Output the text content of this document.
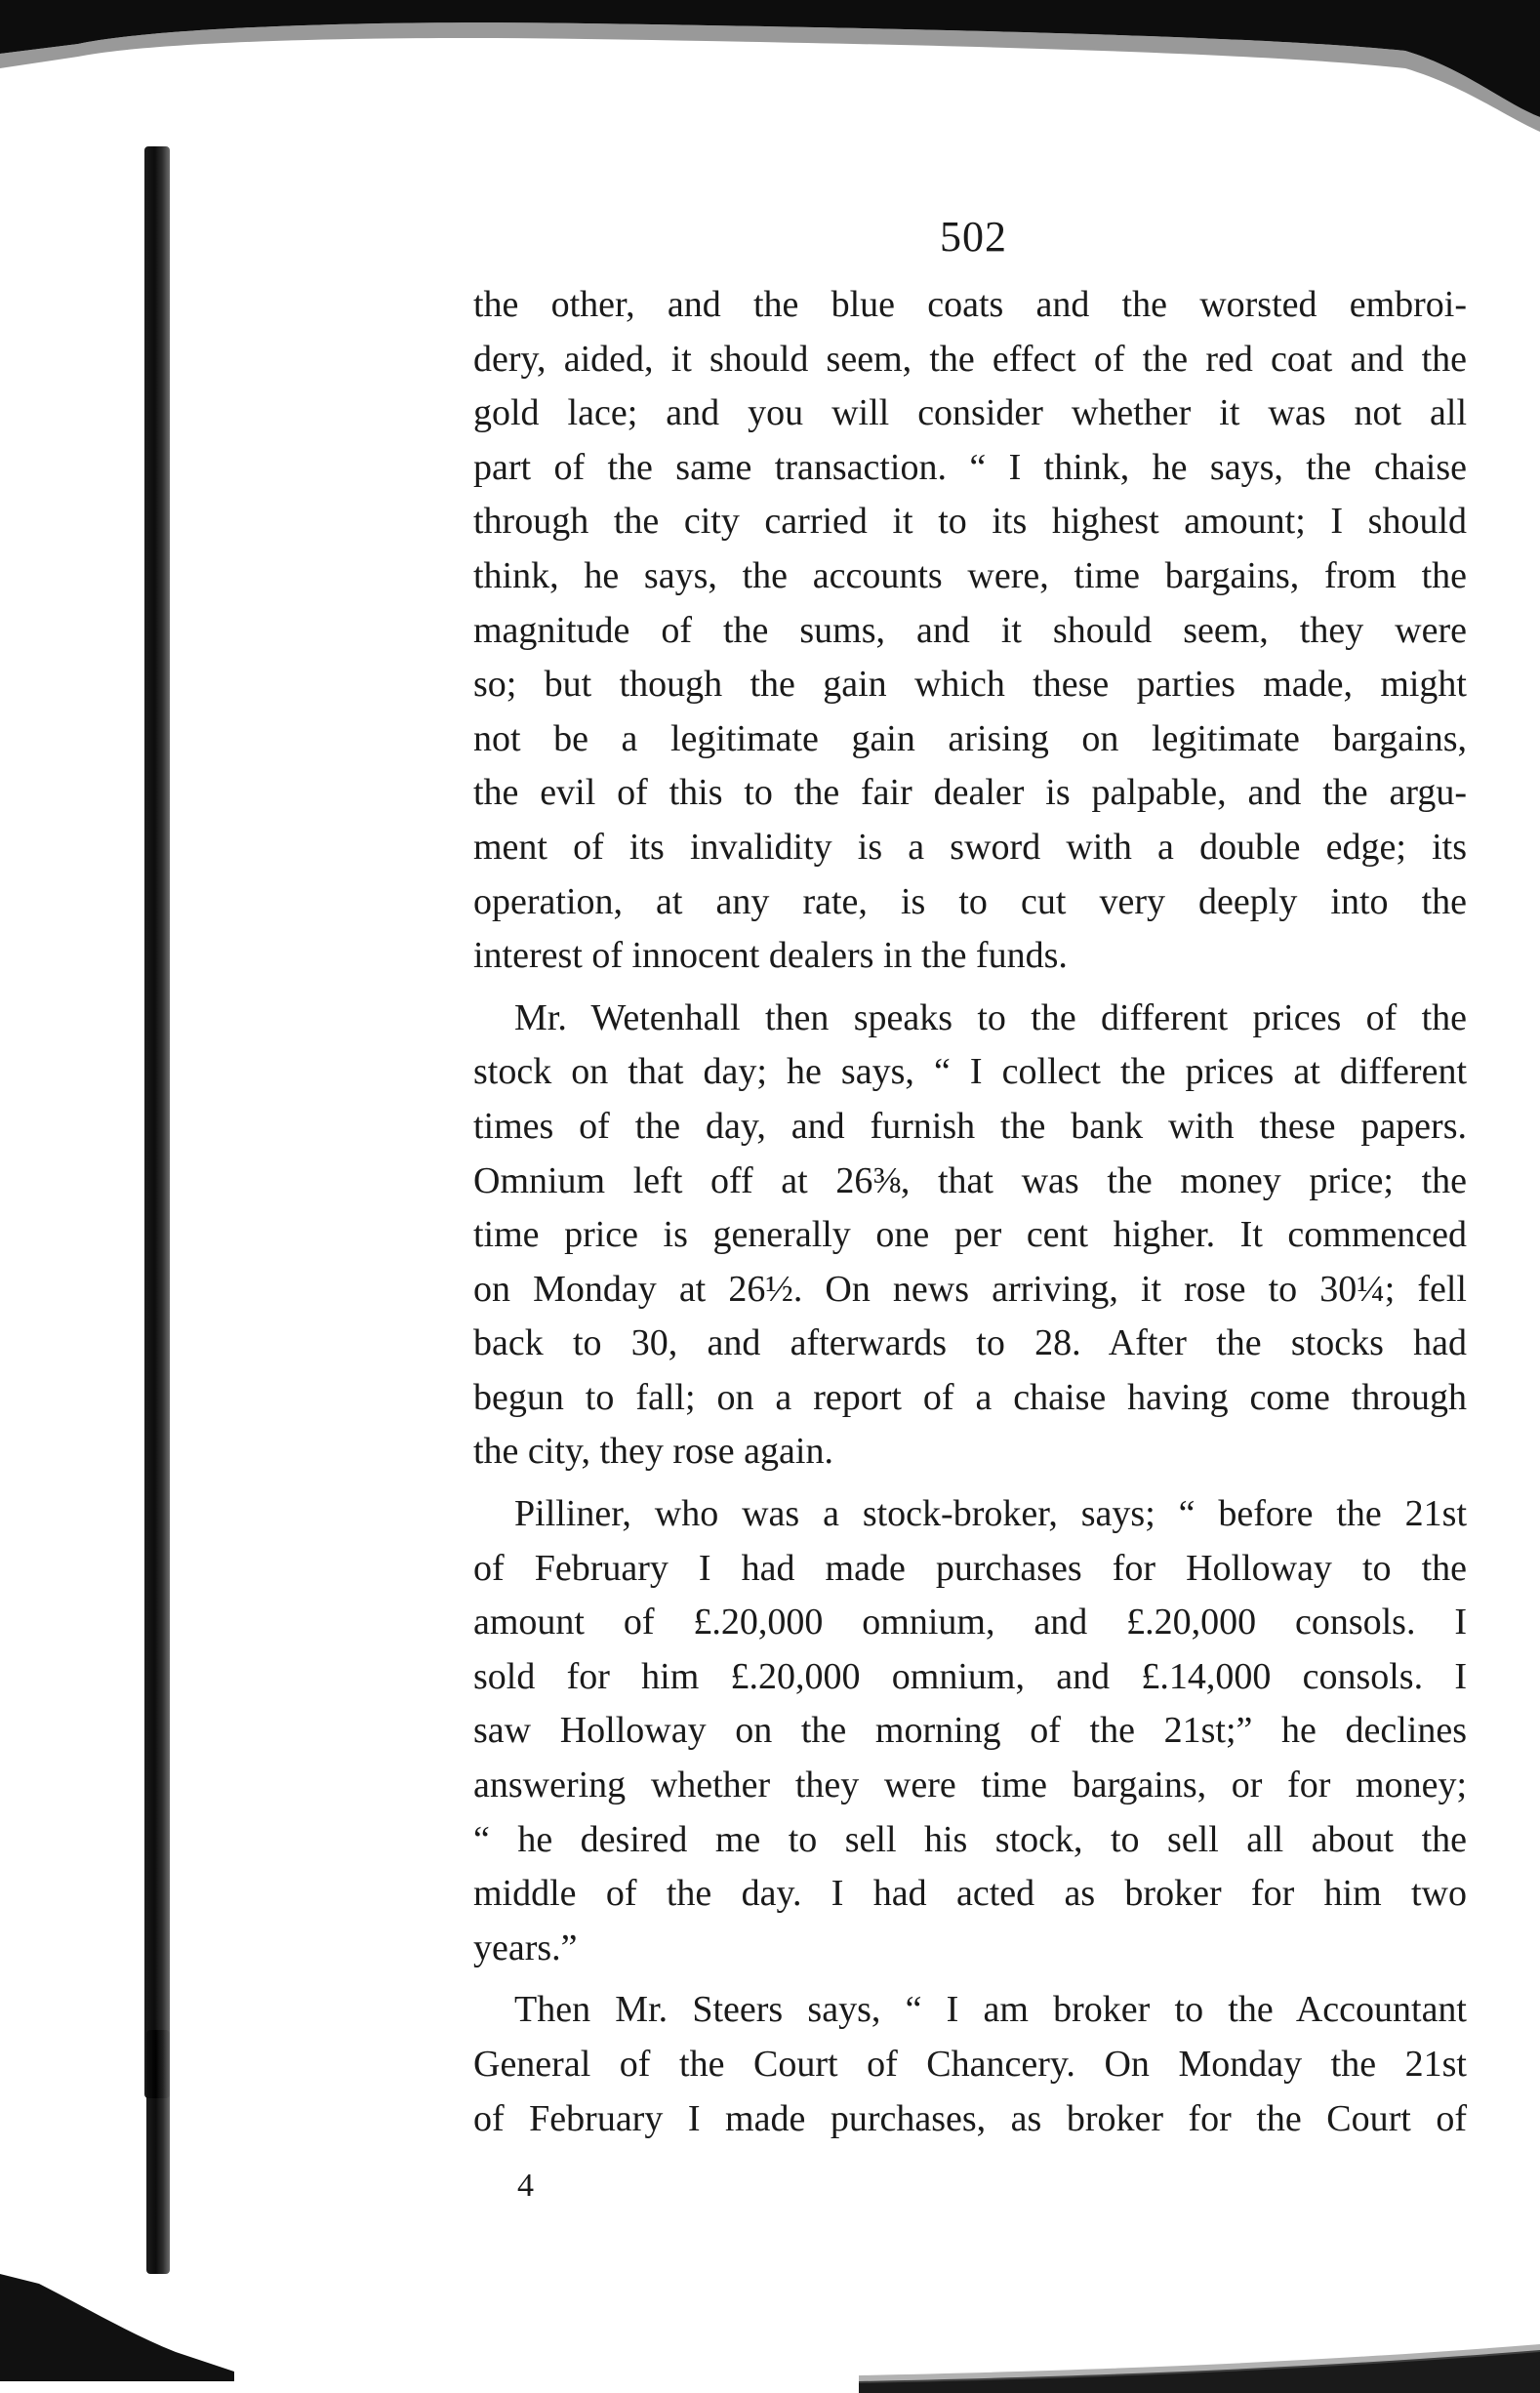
502
the other, and the blue coats and the worsted embroi-
dery, aided, it should seem, the effect of the red coat and the
gold lace; and you will consider whether it was not all
part of the same transaction. “ I think, he says, the chaise
through the city carried it to its highest amount; I should
think, he says, the accounts were, time bargains, from the
magnitude of the sums, and it should seem, they were
so; but though the gain which these parties made, might
not be a legitimate gain arising on legitimate bargains,
the evil of this to the fair dealer is palpable, and the argu-
ment of its invalidity is a sword with a double edge; its
operation, at any rate, is to cut very deeply into the
interest of innocent dealers in the funds.
Mr. Wetenhall then speaks to the different prices of the
stock on that day; he says, “ I collect the prices at different
times of the day, and furnish the bank with these papers.
Omnium left off at 26⅜, that was the money price; the
time price is generally one per cent higher. It commenced
on Monday at 26½. On news arriving, it rose to 30¼; fell
back to 30, and afterwards to 28. After the stocks had
begun to fall; on a report of a chaise having come through
the city, they rose again.
Pilliner, who was a stock-broker, says; “ before the 21st
of February I had made purchases for Holloway to the
amount of £.20,000 omnium, and £.20,000 consols. I
sold for him £.20,000 omnium, and £.14,000 consols. I
saw Holloway on the morning of the 21st;” he declines
answering whether they were time bargains, or for money;
“ he desired me to sell his stock, to sell all about the
middle of the day. I had acted as broker for him two
years.”
Then Mr. Steers says, “ I am broker to the Accountant
General of the Court of Chancery. On Monday the 21st
of February I made purchases, as broker for the Court of
4
